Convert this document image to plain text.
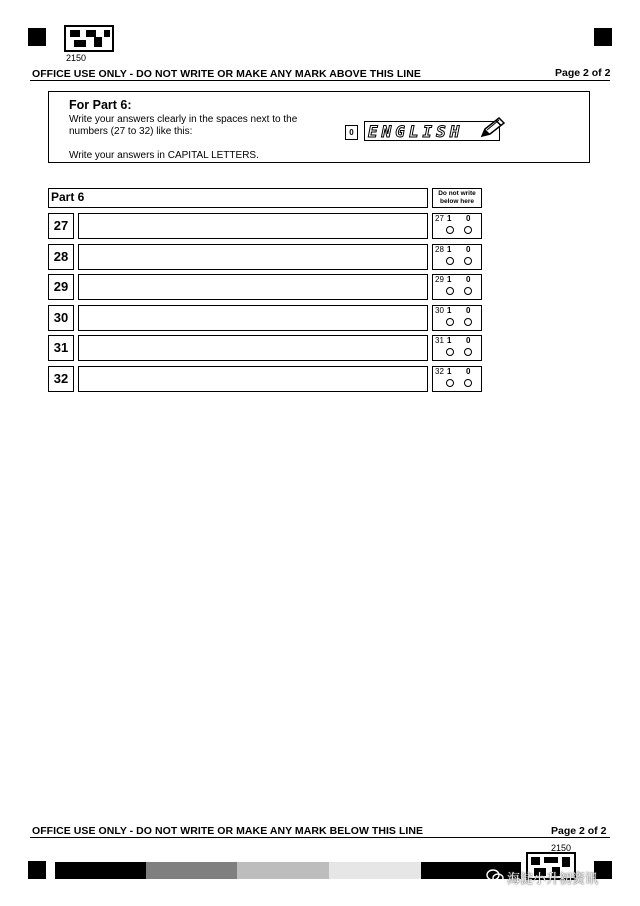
2150
OFFICE USE ONLY - DO NOT WRITE OR MAKE ANY MARK ABOVE THIS LINE	Page 2 of 2
For Part 6:
Write your answers clearly in the spaces next to the
numbers (27 to 32) like this:
Write your answers in CAPITAL LETTERS.
0 ENGLISH
Part 6	Do not write
below here
27	27 1 0
28	28 1 0
29	29 1 0
30	30 1 0
31	31 1 0
32	32 1 0
OFFICE USE ONLY - DO NOT WRITE OR MAKE ANY MARK BELOW THIS LINE	Page 2 of 2
2150
海淀小升初资讯
